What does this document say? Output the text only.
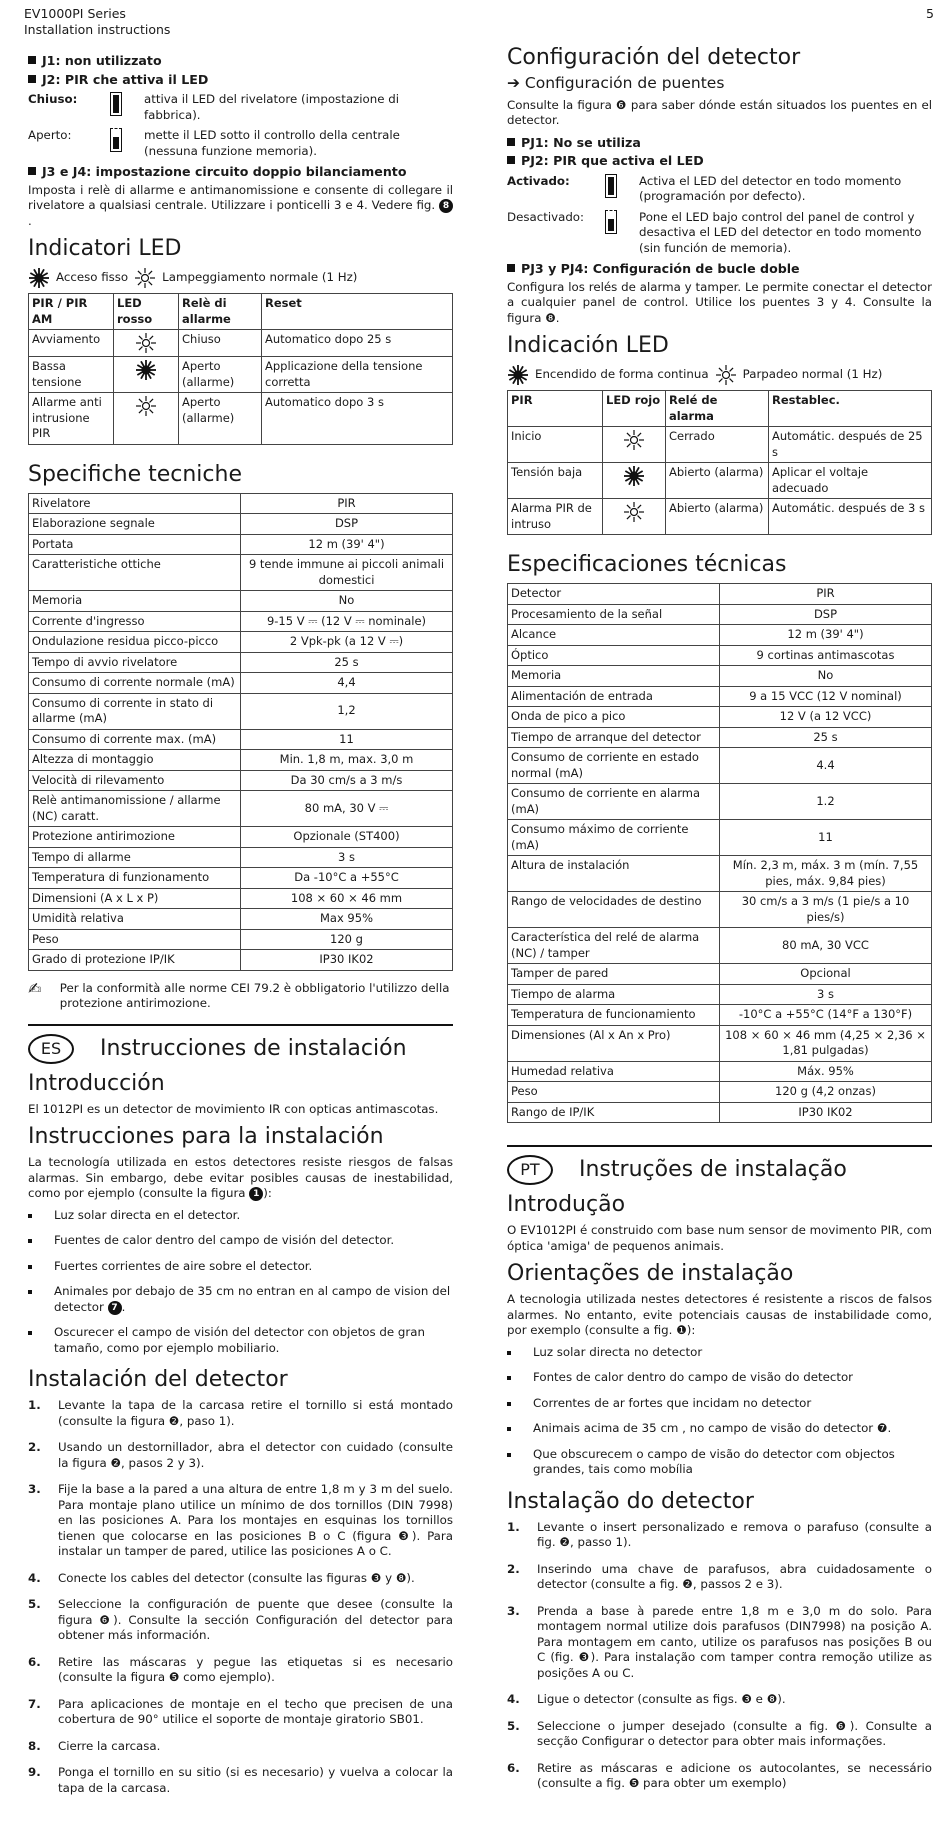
EV1000PI Series
Installation instructions
5
J1: non utilizzato
J2: PIR che attiva il LED
Chiuso:	attiva il LED del rivelatore (impostazione di fabbrica).
Aperto:	mette il LED sotto il controllo della centrale (nessuna funzione memoria).
J3 e J4: impostazione circuito doppio bilanciamento

Imposta i relè di allarme e antimanomissione e consente di collegare il rivelatore a qualsiasi centrale. Utilizzare i ponticelli 3 e 4. Vedere fig. 8.

Indicatori LED
Acceso fisso	Lampeggiamento normale (1 Hz)
PIR / PIR AM	LED rosso	Relè di allarme	Reset
Avviamento		Chiuso	Automatico dopo 25 s
Bassa tensione		Aperto (allarme)	Applicazione della tensione corretta
Allarme anti intrusione PIR		Aperto (allarme)	Automatico dopo 3 s
Specifiche tecniche
Rivelatore	PIR
Elaborazione segnale	DSP
Portata	12 m (39' 4")
Caratteristiche ottiche	9 tende immune ai piccoli animali domestici
Memoria	No
Corrente d'ingresso	9-15 V ⎓ (12 V ⎓ nominale)
Ondulazione residua picco-picco	2 Vpk-pk (a 12 V ⎓)
Tempo di avvio rivelatore	25 s
Consumo di corrente normale (mA)	4,4
Consumo di corrente in stato di allarme (mA)	1,2
Consumo di corrente max. (mA)	11
Altezza di montaggio	Min. 1,8 m, max. 3,0 m
Velocità di rilevamento	Da 30 cm/s a 3 m/s
Relè antimanomissione / allarme (NC) caratt.	80 mA, 30 V ⎓
Protezione antirimozione	Opzionale (ST400)
Tempo di allarme	3 s
Temperatura di funzionamento	Da -10°C a +55°C
Dimensioni (A x L x P)	108 × 60 × 46 mm
Umidità relativa	Max 95%
Peso	120 g
Grado di protezione IP/IK	IP30 IK02
✍	Per la conformità alle norme CEI 79.2 è obbligatorio l'utilizzo della protezione antirimozione.
ES	Instrucciones de instalación
Introducción

El 1012PI es un detector de movimiento IR con opticas antimascotas.

Instrucciones para la instalación

La tecnología utilizada en estos detectores resiste riesgos de falsas alarmas. Sin embargo, debe evitar posibles causas de inestabilidad, como por ejemplo (consulte la figura 1 ):

Luz solar directa en el detector.
Fuentes de calor dentro del campo de visión del detector.
Fuertes corrientes de aire sobre el detector.
Animales por debajo de 35 cm no entran en al campo de vision del detector 7 .
Oscurecer el campo de visión del detector con objetos de gran tamaño, como por ejemplo mobiliario.
Instalación del detector
1. Levante la tapa de la carcasa retire el tornillo si está montado (consulte la figura ❷, paso 1).
2. Usando un destornillador, abra el detector con cuidado (consulte la figura ❷, pasos 2 y 3).
3. Fije la base a la pared a una altura de entre 1,8 m y 3 m del suelo. Para montaje plano utilice un mínimo de dos tornillos (DIN 7998) en las posiciones A. Para los montajes en esquinas los tornillos tienen que colocarse en las posiciones B o C (figura ❸). Para instalar un tamper de pared, utilice las posiciones A o C.
4. Conecte los cables del detector (consulte las figuras ❸ y ❽).
5. Seleccione la configuración de puente que desee (consulte la figura ❻). Consulte la sección Configuración del detector para obtener más información.
6. Retire las máscaras y pegue las etiquetas si es necesario (consulte la figura ❺ como ejemplo).
7. Para aplicaciones de montaje en el techo que precisen de una cobertura de 90° utilice el soporte de montaje giratorio SB01.
8. Cierre la carcasa.
9. Ponga el tornillo en su sitio (si es necesario) y vuelva a colocar la tapa de la carcasa.
Configuración del detector
➔ Configuración de puentes

Consulte la figura ❻ para saber dónde están situados los puentes en el detector.

PJ1: No se utiliza
PJ2: PIR que activa el LED
Activado:	Activa el LED del detector en todo momento (programación por defecto).
Desactivado:	Pone el LED bajo control del panel de control y desactiva el LED del detector en todo momento (sin función de memoria).
PJ3 y PJ4: Configuración de bucle doble

Configura los relés de alarma y tamper. Le permite conectar el detector a cualquier panel de control. Utilice los puentes 3 y 4. Consulte la figura ❽.

Indicación LED
Encendido de forma continua	Parpadeo normal (1 Hz)
PIR	LED rojo	Relé de alarma	Restablec.
Inicio		Cerrado	Automátic. después de 25 s
Tensión baja		Abierto (alarma)	Aplicar el voltaje adecuado
Alarma PIR de intruso		Abierto (alarma)	Automátic. después de 3 s
Especificaciones técnicas
Detector	PIR
Procesamiento de la señal	DSP
Alcance	12 m (39' 4")
Óptico	9 cortinas antimascotas
Memoria	No
Alimentación de entrada	9 a 15 VCC (12 V nominal)
Onda de pico a pico	12 V (a 12 VCC)
Tiempo de arranque del detector	25 s
Consumo de corriente en estado normal (mA)	4.4
Consumo de corriente en alarma (mA)	1.2
Consumo máximo de corriente (mA)	11
Altura de instalación	Mín. 2,3 m, máx. 3 m (mín. 7,55 pies, máx. 9,84 pies)
Rango de velocidades de destino	30 cm/s a 3 m/s (1 pie/s a 10 pies/s)
Característica del relé de alarma (NC) / tamper	80 mA, 30 VCC
Tamper de pared	Opcional
Tiempo de alarma	3 s
Temperatura de funcionamiento	-10°C a +55°C (14°F a 130°F)
Dimensiones (Al x An x Pro)	108 × 60 × 46 mm (4,25 × 2,36 × 1,81 pulgadas)
Humedad relativa	Máx. 95%
Peso	120 g (4,2 onzas)
Rango de IP/IK	IP30 IK02
PT	Instruções de instalação
Introdução

O EV1012PI é construido com base num sensor de movimento PIR, com óptica 'amiga' de pequenos animais.

Orientações de instalação

A tecnologia utilizada nestes detectores é resistente a riscos de falsos alarmes. No entanto, evite potenciais causas de instabilidade como, por exemplo (consulte a fig. ❶):

Luz solar directa no detector
Fontes de calor dentro do campo de visão do detector
Correntes de ar fortes que incidam no detector
Animais acima de 35 cm , no campo de visão do detector ❼.
Que obscurecem o campo de visão do detector com objectos grandes, tais como mobília
Instalação do detector
1. Levante o insert personalizado e remova o parafuso (consulte a fig. ❷, passo 1).
2. Inserindo uma chave de parafusos, abra cuidadosamente o detector (consulte a fig. ❷, passos 2 e 3).
3. Prenda a base à parede entre 1,8 m e 3,0 m do solo. Para montagem normal utilize dois parafusos (DIN7998) na posição A. Para montagem em canto, utilize os parafusos nas posições B ou C (fig. ❸). Para instalação com tamper contra remoção utilize as posições A ou C.
4. Ligue o detector (consulte as figs. ❸ e ❽).
5. Seleccione o jumper desejado (consulte a fig. ❻). Consulte a secção Configurar o detector para obter mais informações.
6. Retire as máscaras e adicione os autocolantes, se necessário (consulte a fig. ❺ para obter um exemplo)
